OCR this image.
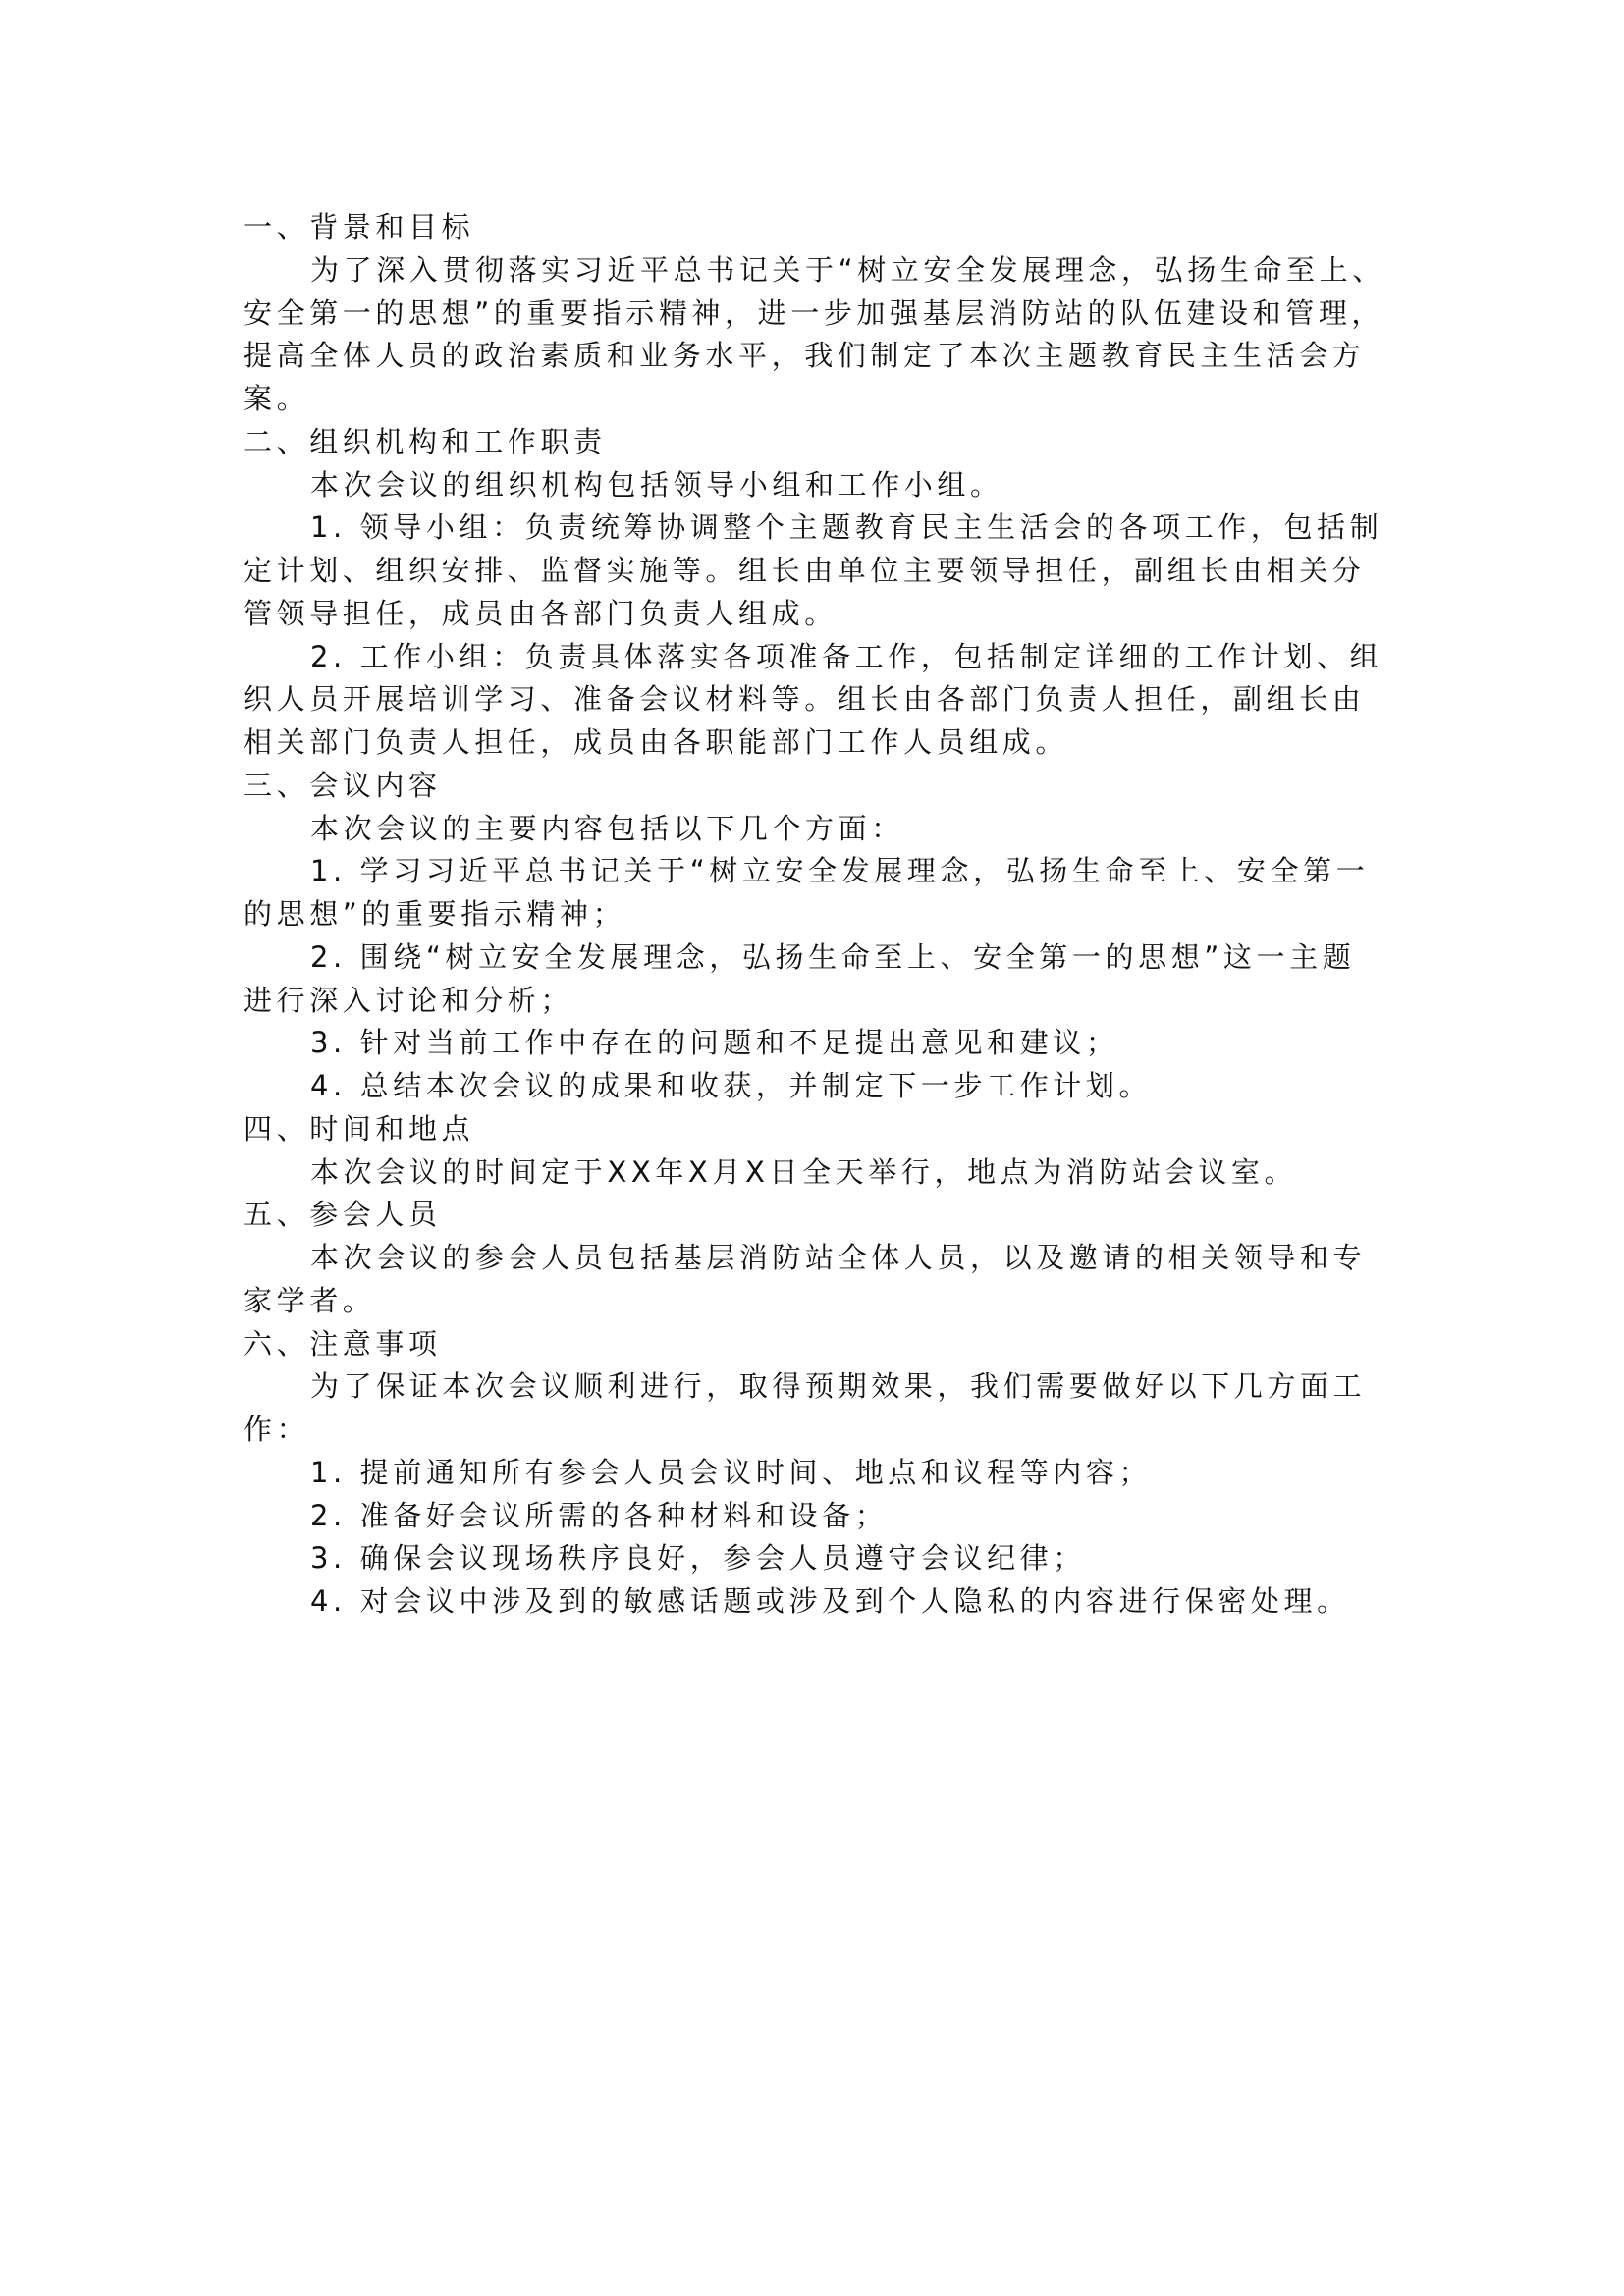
一、背景和目标
为了深入贯彻落实习近平总书记关于“树立安全发展理念，弘扬生命至上、
安全第一的思想”的重要指示精神，进一步加强基层消防站的队伍建设和管理，
提高全体人员的政治素质和业务水平，我们制定了本次主题教育民主生活会方
案。
二、组织机构和工作职责
本次会议的组织机构包括领导小组和工作小组。
1. 领导小组：负责统筹协调整个主题教育民主生活会的各项工作，包括制
定计划、组织安排、监督实施等。组长由单位主要领导担任，副组长由相关分
管领导担任，成员由各部门负责人组成。
2. 工作小组：负责具体落实各项准备工作，包括制定详细的工作计划、组
织人员开展培训学习、准备会议材料等。组长由各部门负责人担任，副组长由
相关部门负责人担任，成员由各职能部门工作人员组成。
三、会议内容
本次会议的主要内容包括以下几个方面：
1. 学习习近平总书记关于“树立安全发展理念，弘扬生命至上、安全第一
的思想”的重要指示精神；
2. 围绕“树立安全发展理念，弘扬生命至上、安全第一的思想”这一主题
进行深入讨论和分析；
3. 针对当前工作中存在的问题和不足提出意见和建议；
4. 总结本次会议的成果和收获，并制定下一步工作计划。
四、时间和地点
本次会议的时间定于XX年X月X日全天举行，地点为消防站会议室。
五、参会人员
本次会议的参会人员包括基层消防站全体人员，以及邀请的相关领导和专
家学者。
六、注意事项
为了保证本次会议顺利进行，取得预期效果，我们需要做好以下几方面工
作：
1. 提前通知所有参会人员会议时间、地点和议程等内容；
2. 准备好会议所需的各种材料和设备；
3. 确保会议现场秩序良好，参会人员遵守会议纪律；
4. 对会议中涉及到的敏感话题或涉及到个人隐私的内容进行保密处理。
